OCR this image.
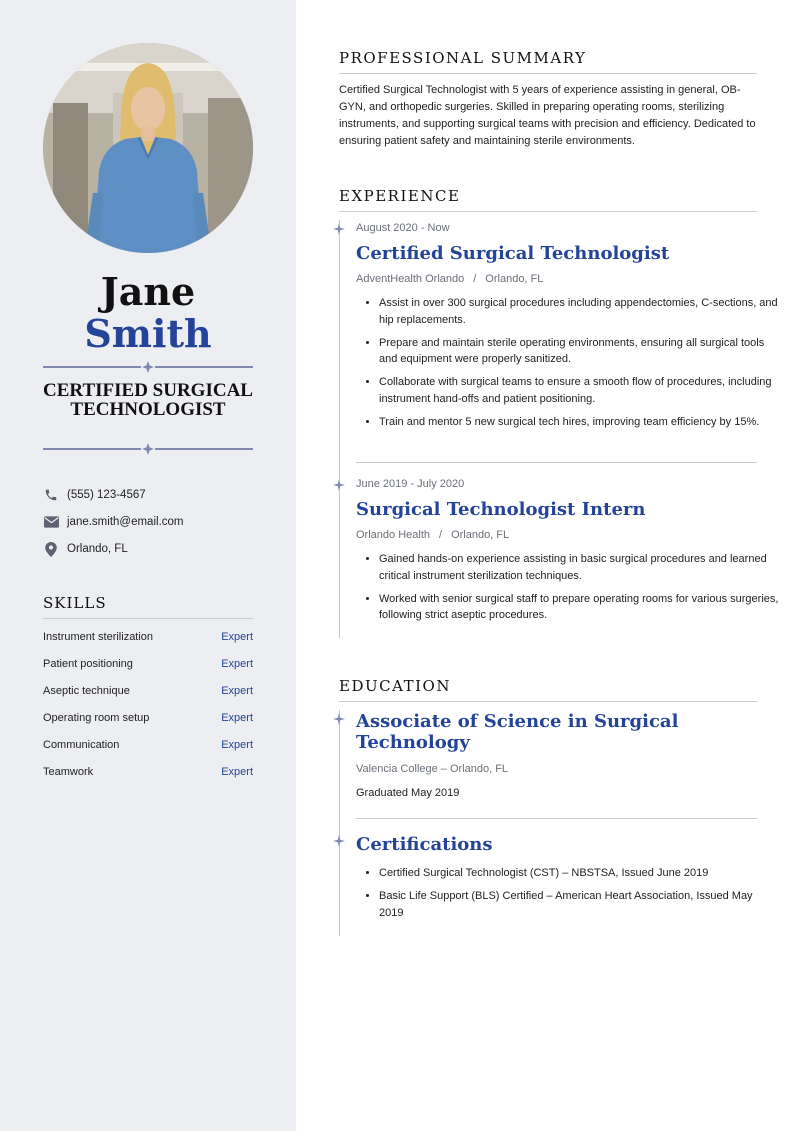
Jane
Smith
CERTIFIED SURGICAL TECHNOLOGIST
(555) 123-4567
jane.smith@email.com
Orlando, FL
SKILLS
Instrument sterilization	Expert
Patient positioning	Expert
Aseptic technique	Expert
Operating room setup	Expert
Communication	Expert
Teamwork	Expert
PROFESSIONAL SUMMARY

Certified Surgical Technologist with 5 years of experience assisting in general, OB-GYN, and orthopedic surgeries. Skilled in preparing operating rooms, sterilizing instruments, and supporting surgical teams with precision and efficiency. Dedicated to ensuring patient safety and maintaining sterile environments.

EXPERIENCE
August 2020 - Now
Certified Surgical Technologist
AdventHealth Orlando / Orlando, FL
• Assist in over 300 surgical procedures including appendectomies, C-sections, and hip replacements.
• Prepare and maintain sterile operating environments, ensuring all surgical tools and equipment were properly sanitized.
• Collaborate with surgical teams to ensure a smooth flow of procedures, including instrument hand-offs and patient positioning.
• Train and mentor 5 new surgical tech hires, improving team efficiency by 15%.
June 2019 - July 2020
Surgical Technologist Intern
Orlando Health / Orlando, FL
• Gained hands-on experience assisting in basic surgical procedures and learned critical instrument sterilization techniques.
• Worked with senior surgical staff to prepare operating rooms for various surgeries, following strict aseptic procedures.
EDUCATION
Associate of Science in Surgical Technology
Valencia College – Orlando, FL
Graduated May 2019
Certifications
• Certified Surgical Technologist (CST) – NBSTSA, Issued June 2019
• Basic Life Support (BLS) Certified – American Heart Association, Issued May 2019
